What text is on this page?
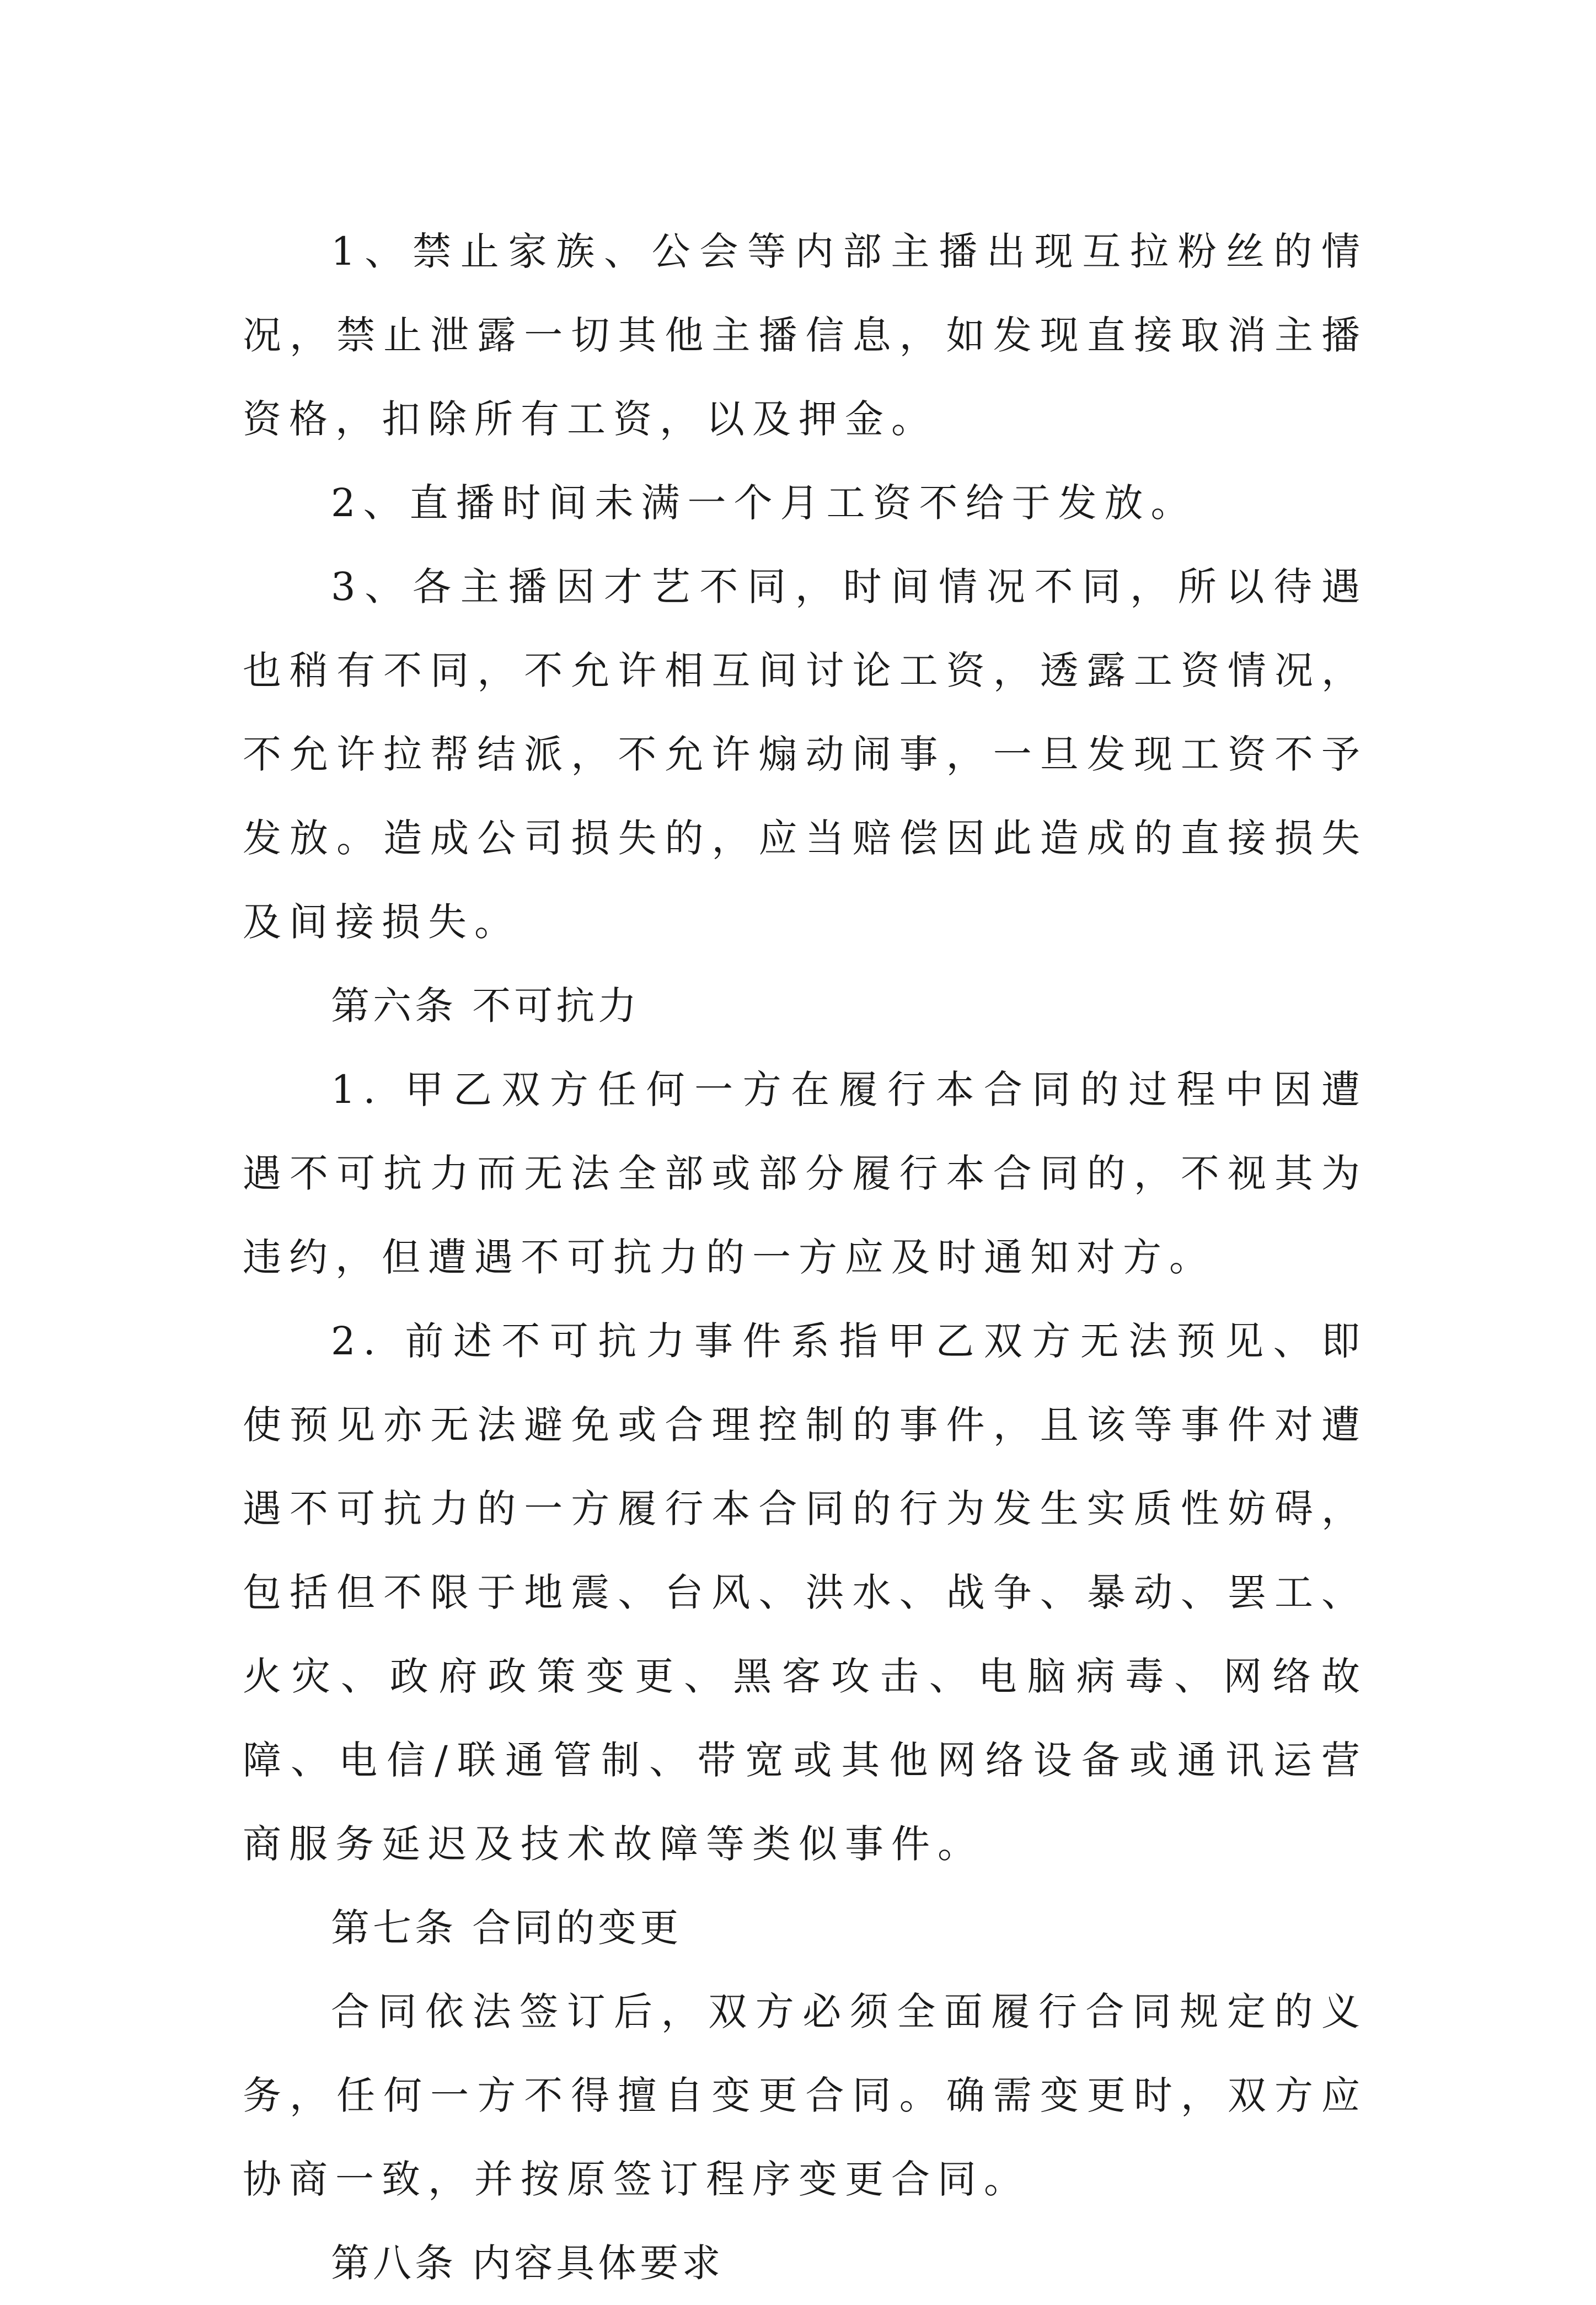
1、禁止家族、公会等内部主播出现互拉粉丝的情况，禁止泄露一切其他主播信息，如发现直接取消主播资格，扣除所有工资，以及押金。

2、直播时间未满一个月工资不给于发放。

3、各主播因才艺不同，时间情况不同，所以待遇也稍有不同，不允许相互间讨论工资，透露工资情况，不允许拉帮结派，不允许煽动闹事，一旦发现工资不予发放。造成公司损失的，应当赔偿因此造成的直接损失及间接损失。

第六条 不可抗力

1. 甲乙双方任何一方在履行本合同的过程中因遭遇不可抗力而无法全部或部分履行本合同的，不视其为违约，但遭遇不可抗力的一方应及时通知对方。

2. 前述不可抗力事件系指甲乙双方无法预见、即使预见亦无法避免或合理控制的事件，且该等事件对遭遇不可抗力的一方履行本合同的行为发生实质性妨碍，包括但不限于地震、台风、洪水、战争、暴动、罢工、火灾、政府政策变更、黑客攻击、电脑病毒、网络故障、电信/联通管制、带宽或其他网络设备或通讯运营商服务延迟及技术故障等类似事件。

第七条 合同的变更

合同依法签订后，双方必须全面履行合同规定的义务，任何一方不得擅自变更合同。确需变更时，双方应协商一致，并按原签订程序变更合同。

第八条 内容具体要求
